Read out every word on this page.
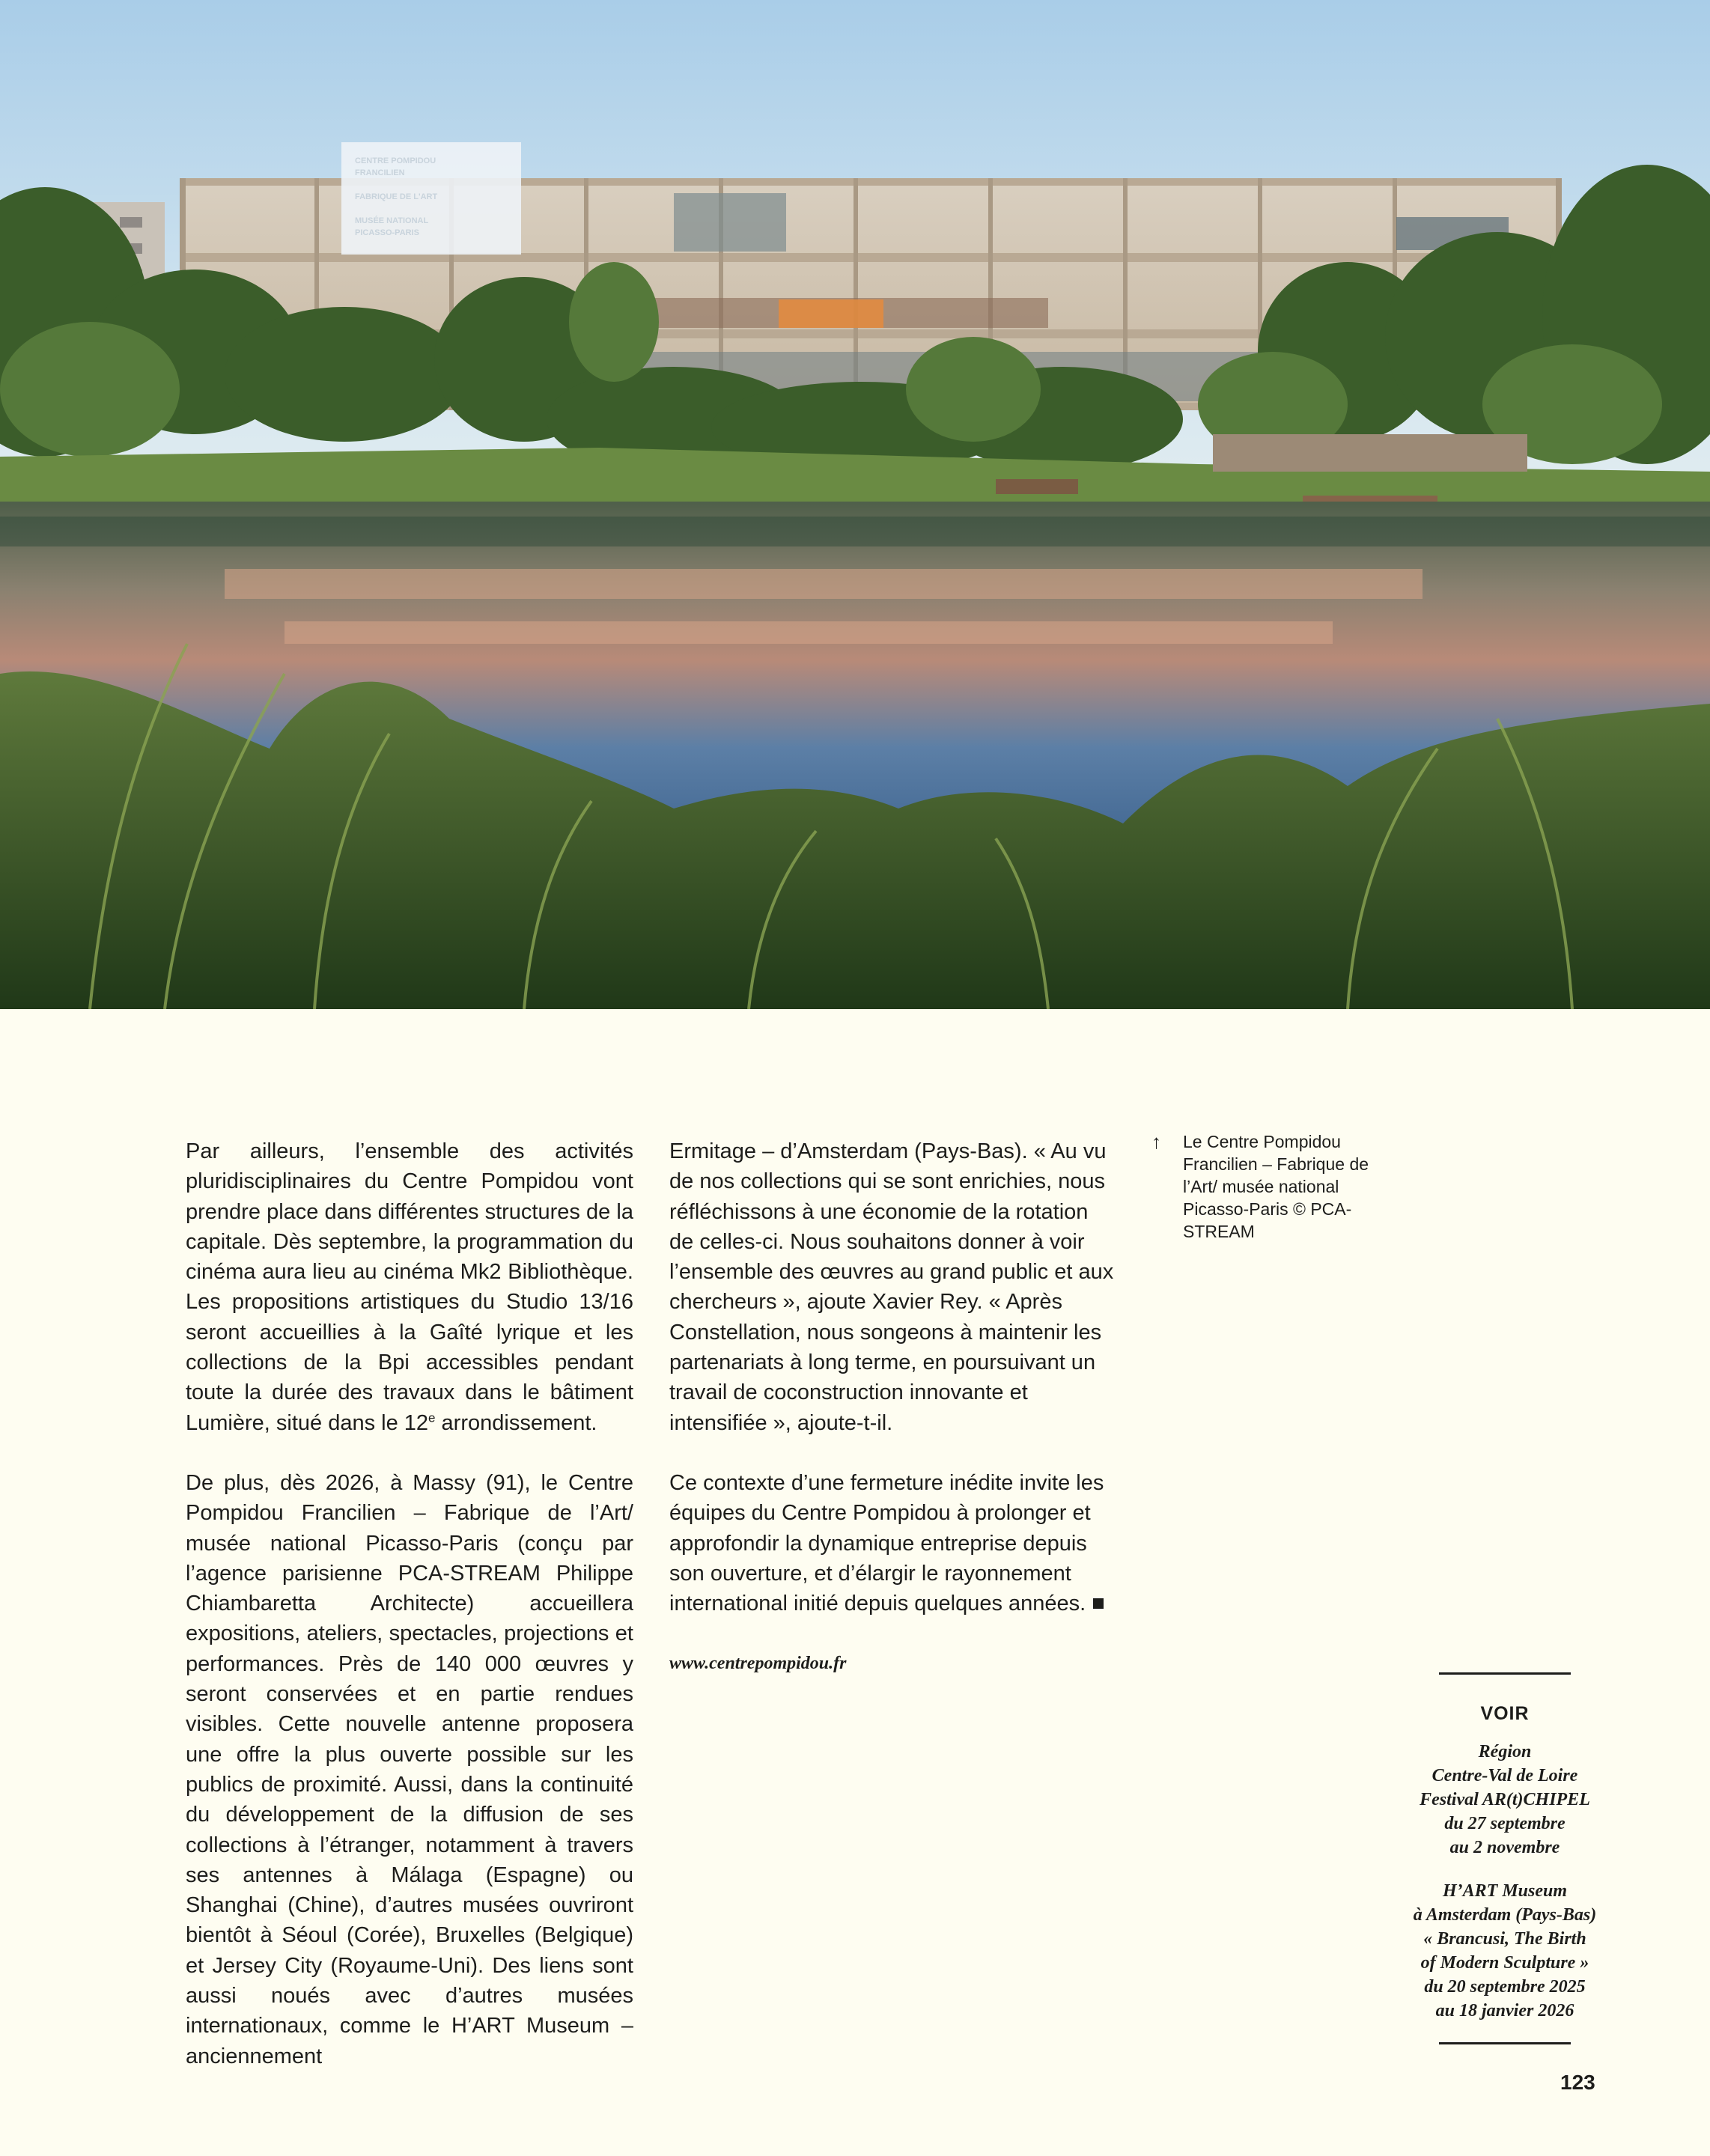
CENTRE POMPIDOU
FRANCILIEN
FABRIQUE DE L'ART
MUSÉE NATIONAL
PICASSO-PARIS

Par ailleurs, l’ensemble des activités pluridisciplinaires du Centre Pompidou vont prendre place dans différentes structures de la capitale. Dès septembre, la programmation du cinéma aura lieu au cinéma Mk2 Bibliothèque. Les propositions artistiques du Studio 13/16 seront accueillies à la Gaîté lyrique et les collections de la Bpi accessibles pendant toute la durée des travaux dans le bâtiment Lumière, situé dans le 12e arrondissement.

De plus, dès 2026, à Massy (91), le Centre Pompidou Francilien – Fabrique de l’Art/ musée national Picasso-Paris (conçu par l’agence parisienne PCA-STREAM Philippe Chiambaretta Architecte) accueillera expositions, ateliers, spectacles, projections et performances. Près de 140 000 œuvres y seront conservées et en partie rendues visibles. Cette nouvelle antenne proposera une offre la plus ouverte possible sur les publics de proximité. Aussi, dans la continuité du développement de la diffusion de ses collections à l’étranger, notamment à travers ses antennes à Málaga (Espagne) ou Shanghai (Chine), d’autres musées ouvriront bientôt à Séoul (Corée), Bruxelles (Belgique) et Jersey City (Royaume-Uni). Des liens sont aussi noués avec d’autres musées internationaux, comme le H’ART Museum – anciennement

Ermitage – d’Amsterdam (Pays-Bas). « Au vu de nos collections qui se sont enrichies, nous réfléchissons à une économie de la rotation de celles-ci. Nous souhaitons donner à voir l’ensemble des œuvres au grand public et aux chercheurs », ajoute Xavier Rey. « Après Constellation, nous songeons à maintenir les partenariats à long terme, en poursuivant un travail de coconstruction innovante et intensifiée », ajoute-t-il.

Ce contexte d’une fermeture inédite invite les équipes du Centre Pompidou à prolonger et approfondir la dynamique entreprise depuis son ouverture, et d’élargir le rayonnement international initié depuis quelques années.

www.centrepompidou.fr
↑ Le Centre Pompidou Francilien – Fabrique de l’Art/ musée national Picasso-Paris © PCA-STREAM
VOIR
Région
Centre-Val de Loire
Festival AR(t)CHIPEL
du 27 septembre
au 2 novembre
H’ART Museum
à Amsterdam (Pays-Bas)
« Brancusi, The Birth
of Modern Sculpture »
du 20 septembre 2025
au 18 janvier 2026
123
